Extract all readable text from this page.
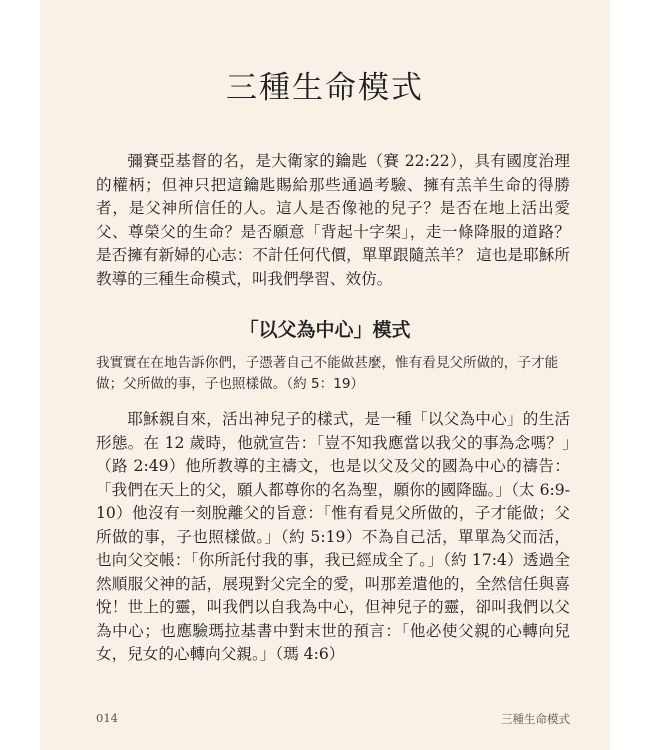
三種生命模式

彌賽亞基督的名，是大衛家的鑰匙（賽 22:22），具有國度治理的權柄；但神只把這鑰匙賜給那些通過考驗、擁有羔羊生命的得勝者，是父神所信任的人。這人是否像祂的兒子？是否在地上活出愛父、尊榮父的生命？是否願意「背起十字架」，走一條降服的道路？是否擁有新婦的心志：不計任何代價，單單跟隨羔羊？ 這也是耶穌所教導的三種生命模式，叫我們學習、效仿。

「以父為中心」模式

我實實在在地告訴你們，子憑著自己不能做甚麼，惟有看見父所做的，子才能做；父所做的事，子也照樣做。（約 5：19）

耶穌親自來，活出神兒子的樣式，是一種「以父為中心」的生活形態。在 12 歲時，他就宣告：「豈不知我應當以我父的事為念嗎？」（路 2:49）他所教導的主禱文，也是以父及父的國為中心的禱告：「我們在天上的父，願人都尊你的名為聖，願你的國降臨。」（太 6:9-10）他沒有一刻脫離父的旨意：「惟有看見父所做的，子才能做；父所做的事，子也照樣做。」（約 5:19）不為自己活，單單為父而活，也向父交帳：「你所託付我的事，我已經成全了。」（約 17:4）透過全然順服父神的話，展現對父完全的愛，叫那差遣他的，全然信任與喜悅！世上的靈，叫我們以自我為中心，但神兒子的靈，卻叫我們以父為中心；也應驗瑪拉基書中對末世的預言：「他必使父親的心轉向兒女，兒女的心轉向父親。」（瑪 4:6）

014	三種生命模式
